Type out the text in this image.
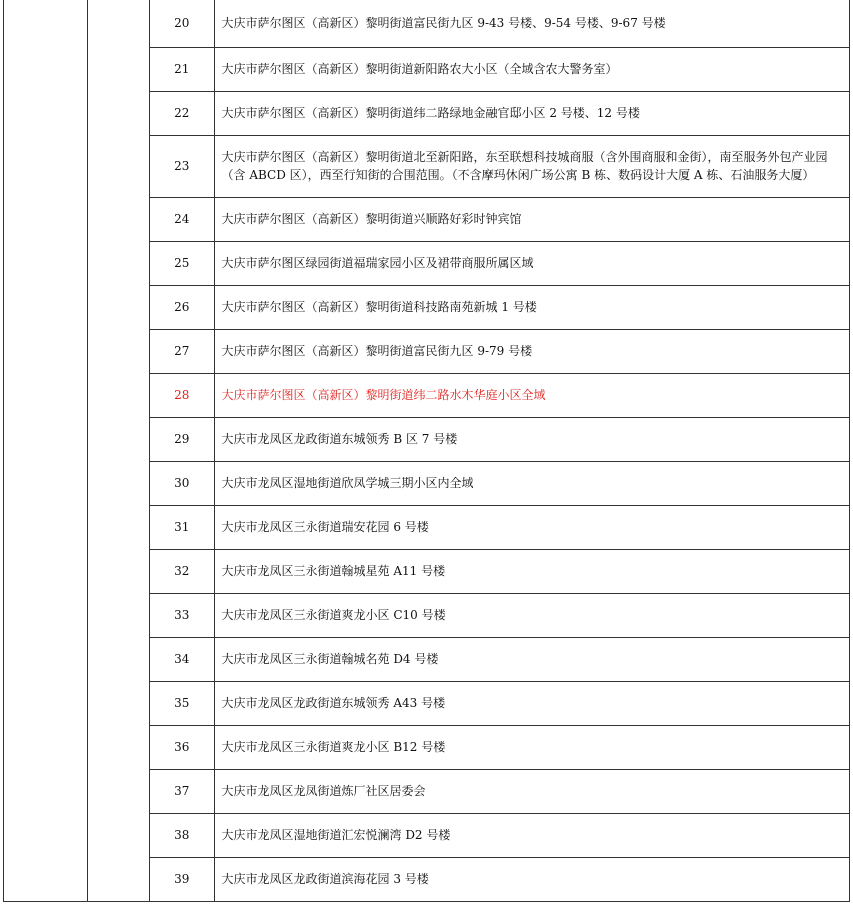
20	大庆市萨尔图区（高新区）黎明街道富民街九区 9-43 号楼、9-54 号楼、9-67 号楼
21	大庆市萨尔图区（高新区）黎明街道新阳路农大小区（全域含农大警务室）
22	大庆市萨尔图区（高新区）黎明街道纬二路绿地金融官邸小区 2 号楼、12 号楼
23	大庆市萨尔图区（高新区）黎明街道北至新阳路，东至联想科技城商服（含外围商服和金街），南至服务外包产业园（含 ABCD 区），西至行知街的合围范围。（不含摩玛休闲广场公寓 B 栋、数码设计大厦 A 栋、石油服务大厦）
24	大庆市萨尔图区（高新区）黎明街道兴顺路好彩时钟宾馆
25	大庆市萨尔图区绿园街道福瑞家园小区及裙带商服所属区域
26	大庆市萨尔图区（高新区）黎明街道科技路南苑新城 1 号楼
27	大庆市萨尔图区（高新区）黎明街道富民街九区 9-79 号楼
28	大庆市萨尔图区（高新区）黎明街道纬二路水木华庭小区全域
29	大庆市龙凤区龙政街道东城领秀 B 区 7 号楼
30	大庆市龙凤区湿地街道欣凤学城三期小区内全域
31	大庆市龙凤区三永街道瑞安花园 6 号楼
32	大庆市龙凤区三永街道翰城星苑 A11 号楼
33	大庆市龙凤区三永街道爽龙小区 C10 号楼
34	大庆市龙凤区三永街道翰城名苑 D4 号楼
35	大庆市龙凤区龙政街道东城领秀 A43 号楼
36	大庆市龙凤区三永街道爽龙小区 B12 号楼
37	大庆市龙凤区龙凤街道炼厂社区居委会
38	大庆市龙凤区湿地街道汇宏悦澜湾 D2 号楼
39	大庆市龙凤区龙政街道滨海花园 3 号楼
